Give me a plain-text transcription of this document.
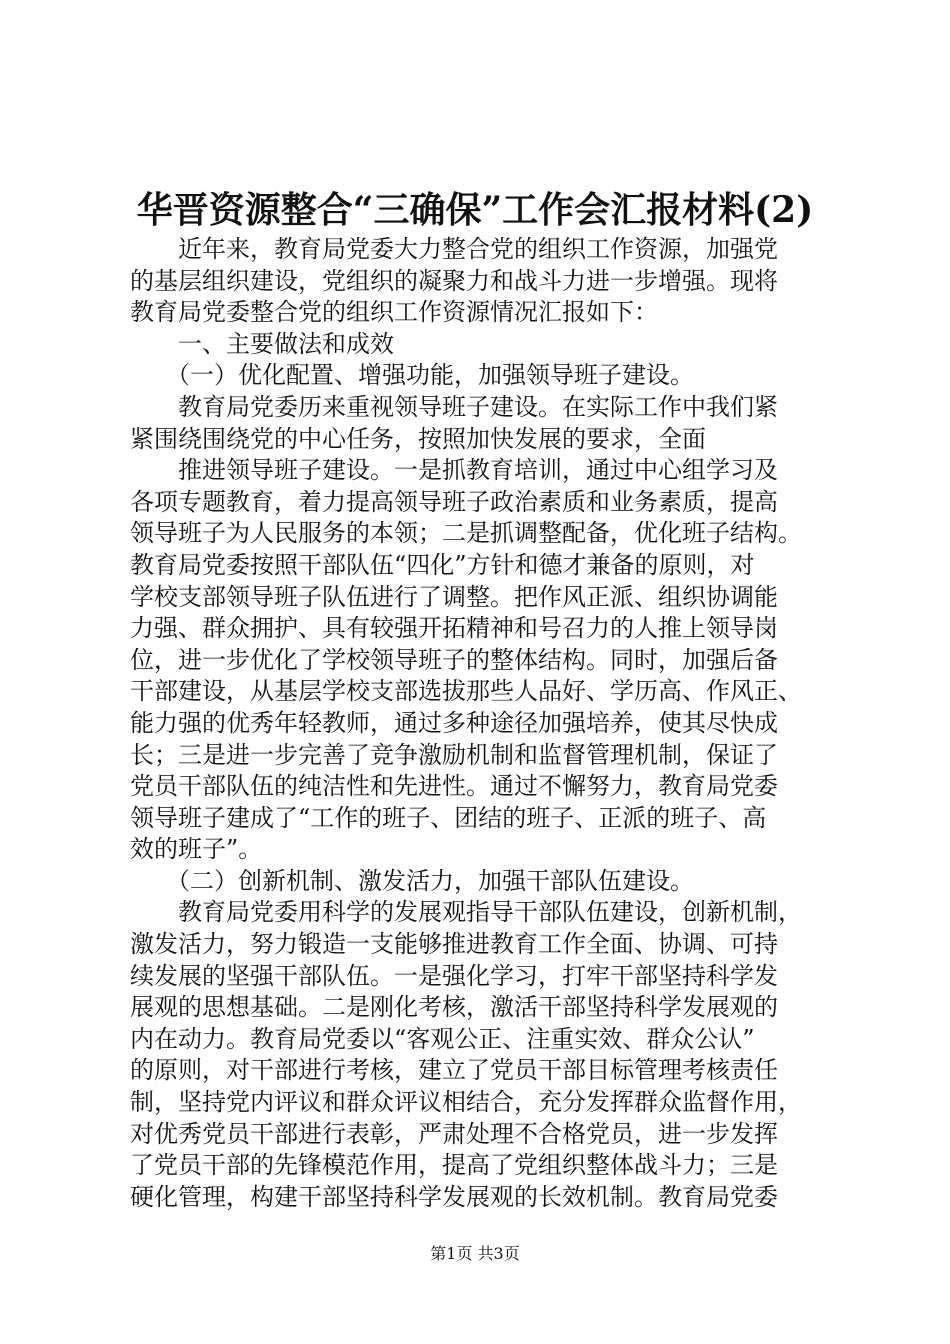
华晋资源整合“三确保”工作会汇报材料(2)
　　近年来，教育局党委大力整合党的组织工作资源，加强党
的基层组织建设，党组织的凝聚力和战斗力进一步增强。现将
教育局党委整合党的组织工作资源情况汇报如下：
　　一、主要做法和成效
　　（一）优化配置、增强功能，加强领导班子建设。
　　教育局党委历来重视领导班子建设。在实际工作中我们紧
紧围绕围绕党的中心任务，按照加快发展的要求，全面
　　推进领导班子建设。一是抓教育培训，通过中心组学习及
各项专题教育，着力提高领导班子政治素质和业务素质，提高
领导班子为人民服务的本领；二是抓调整配备，优化班子结构。
教育局党委按照干部队伍“四化”方针和德才兼备的原则，对
学校支部领导班子队伍进行了调整。把作风正派、组织协调能
力强、群众拥护、具有较强开拓精神和号召力的人推上领导岗
位，进一步优化了学校领导班子的整体结构。同时，加强后备
干部建设，从基层学校支部选拔那些人品好、学历高、作风正、
能力强的优秀年轻教师，通过多种途径加强培养，使其尽快成
长；三是进一步完善了竞争激励机制和监督管理机制，保证了
党员干部队伍的纯洁性和先进性。通过不懈努力，教育局党委
领导班子建成了“工作的班子、团结的班子、正派的班子、高
效的班子”。
　　（二）创新机制、激发活力，加强干部队伍建设。
　　教育局党委用科学的发展观指导干部队伍建设，创新机制，
激发活力，努力锻造一支能够推进教育工作全面、协调、可持
续发展的坚强干部队伍。一是强化学习，打牢干部坚持科学发
展观的思想基础。二是刚化考核，激活干部坚持科学发展观的
内在动力。教育局党委以“客观公正、注重实效、群众公认”
的原则，对干部进行考核，建立了党员干部目标管理考核责任
制，坚持党内评议和群众评议相结合，充分发挥群众监督作用，
对优秀党员干部进行表彰，严肃处理不合格党员，进一步发挥
了党员干部的先锋模范作用，提高了党组织整体战斗力；三是
硬化管理，构建干部坚持科学发展观的长效机制。教育局党委
第1页 共3页
